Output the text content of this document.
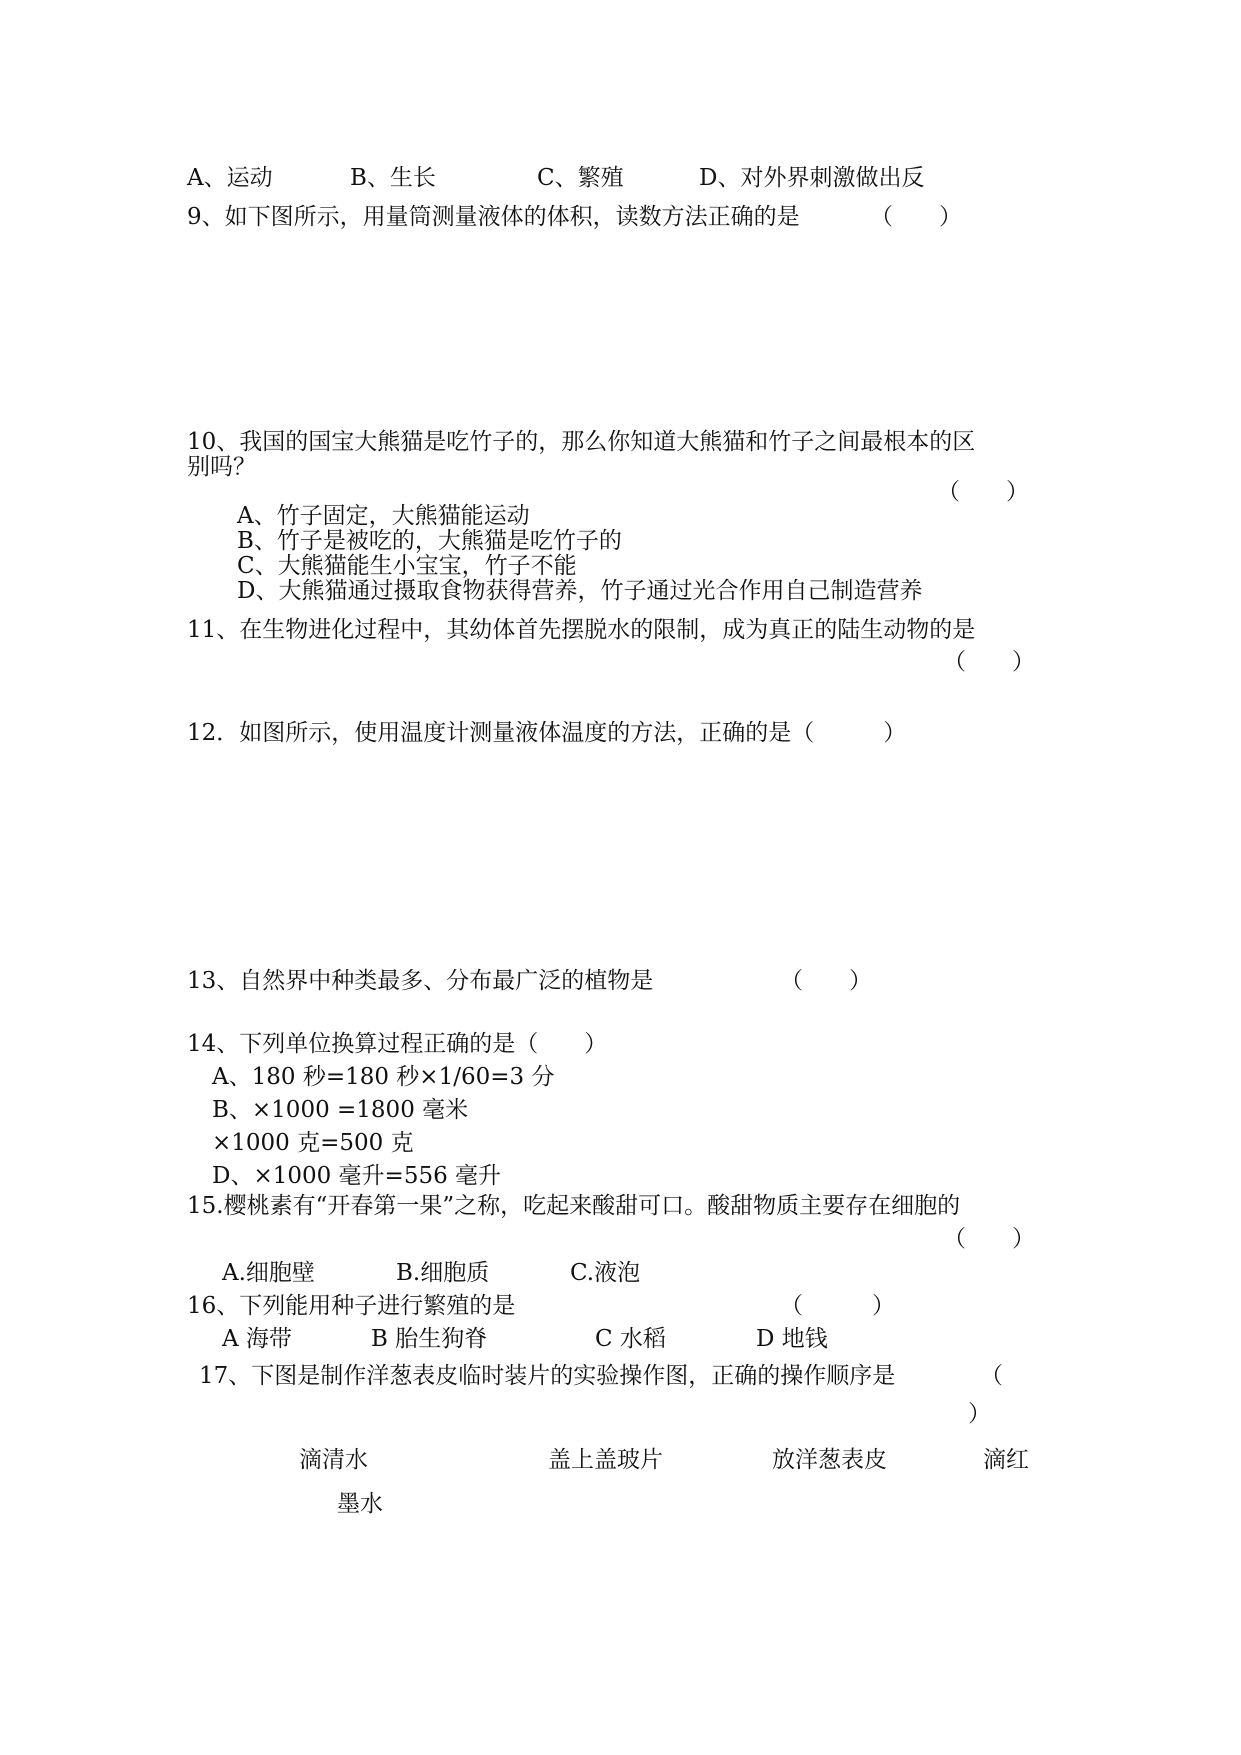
A、运动	B、生长	C、繁殖	D、对外界刺激做出反
9、如下图所示，用量筒测量液体的体积，读数方法正确的是	（　　）
10、我国的国宝大熊猫是吃竹子的，那么你知道大熊猫和竹子之间最根本的区
别吗？
（　　）
A、竹子固定，大熊猫能运动
B、竹子是被吃的，大熊猫是吃竹子的
C、大熊猫能生小宝宝，竹子不能
D、大熊猫通过摄取食物获得营养，竹子通过光合作用自己制造营养
11、在生物进化过程中，其幼体首先摆脱水的限制，成为真正的陆生动物的是
（　　）
12．如图所示，使用温度计测量液体温度的方法，正确的是（　　　）
13、自然界中种类最多、分布最广泛的植物是	（　　）
14、下列单位换算过程正确的是（　　）
A、180 秒=180 秒×1/60=3 分
B、×1000 =1800 毫米
×1000 克=500 克
D、×1000 毫升=556 毫升
15.樱桃素有“开春第一果”之称，吃起来酸甜可口。酸甜物质主要存在细胞的
（　　）
A.细胞壁	B.细胞质	C.液泡
16、下列能用种子进行繁殖的是	（　　　）
A 海带	B 胎生狗脊	C 水稻	D 地钱
17、下图是制作洋葱表皮临时装片的实验操作图，正确的操作顺序是	（
）
滴清水	盖上盖玻片	放洋葱表皮	滴红
墨水
